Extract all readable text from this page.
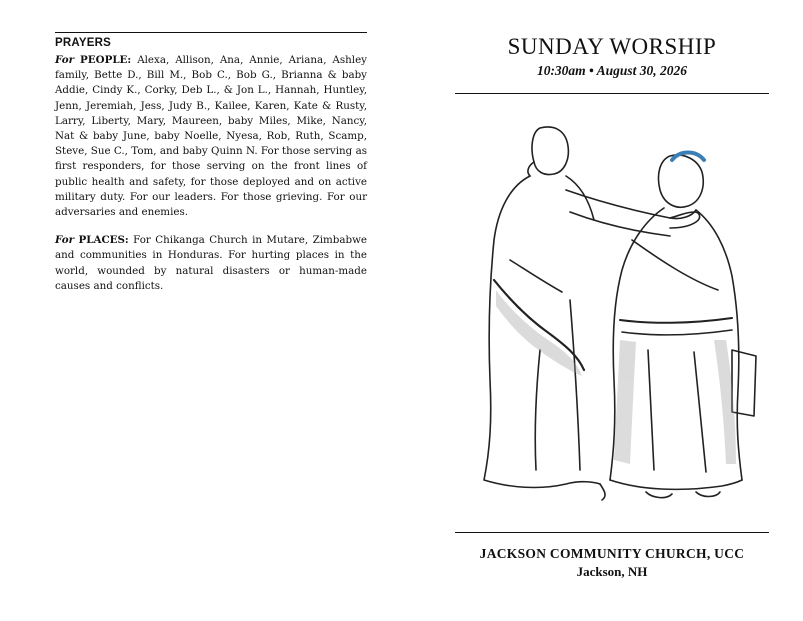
PRAYERS

For PEOPLE: Alexa, Allison, Ana, Annie, Ariana, Ashley family, Bette D., Bill M., Bob C., Bob G., Brianna & baby Addie, Cindy K., Corky, Deb L., & Jon L., Hannah, Huntley, Jenn, Jeremiah, Jess, Judy B., Kailee, Karen, Kate & Rusty, Larry, Liberty, Mary, Maureen, baby Miles, Mike, Nancy, Nat & baby June, baby Noelle, Nyesa, Rob, Ruth, Scamp, Steve, Sue C., Tom, and baby Quinn N. For those serving as first responders, for those serving on the front lines of public health and safety, for those deployed and on active military duty. For our leaders. For those grieving. For our adversaries and enemies.

For PLACES: For Chikanga Church in Mutare, Zimbabwe and communities in Honduras. For hurting places in the world, wounded by natural disasters or human-made causes and conflicts.

SUNDAY WORSHIP
10:30am • August 30, 2026
JACKSON COMMUNITY CHURCH, UCC
Jackson, NH
